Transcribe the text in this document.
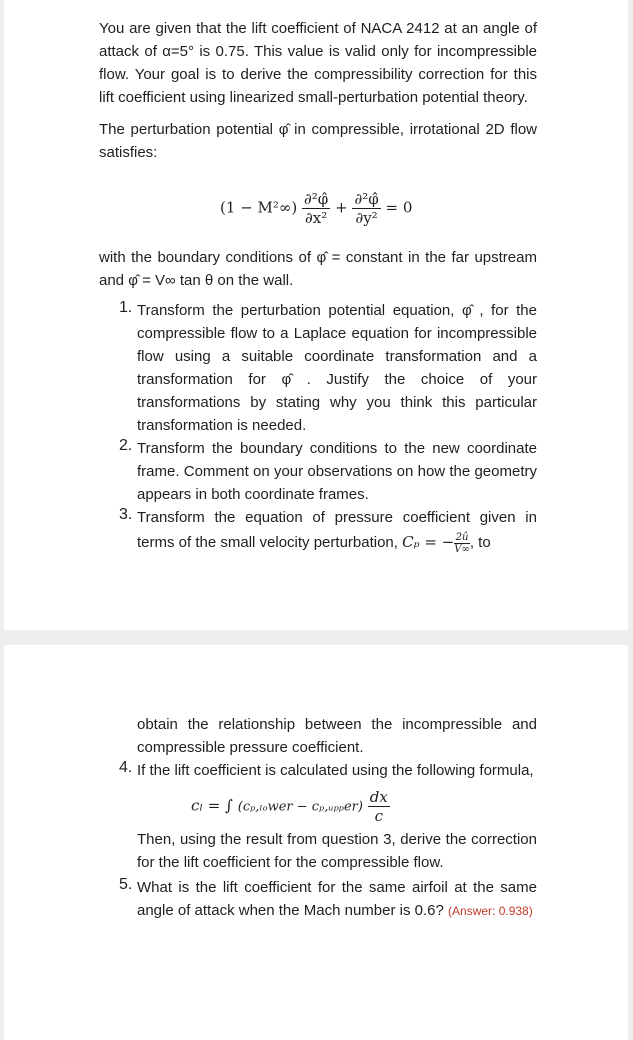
You are given that the lift coefficient of NACA 2412 at an angle of attack of α=5° is 0.75. This value is valid only for incompressible flow. Your goal is to derive the compressibility correction for this lift coefficient using linearized small-perturbation potential theory.

The perturbation potential φ̂ in compressible, irrotational 2D flow satisfies:

$(1 - M^2\infty) \frac{\text{∂²φ̂}}{\text{∂x²}} + \frac{\text{∂²φ̂}}{\text{∂y²}} = 0$

with the boundary conditions of φ̂ = constant in the far upstream and φ̂ = V∞ tan θ on the wall.

1. Transform the perturbation potential equation, φ̂ , for the compressible flow to a Laplace equation for incompressible flow using a suitable coordinate transformation and a transformation for φ̂ . Justify the choice of your transformations by stating why you think this particular transformation is needed.

2. Transform the boundary conditions to the new coordinate frame. Comment on your observations on how the geometry appears in both coordinate frames.

3. Transform the equation of pressure coefficient given in

terms of the small velocity perturbation, Cₚ = − $\frac{2û}{V\infty}$ , to

obtain the relationship between the incompressible and compressible pressure coefficient.

4. If the lift coefficient is calculated using the following formula,

cₗ = ∫ (cₚ,ₗₒwer − cₚ,ᵤₚₚer) $\frac{dx}{c}$

Then, using the result from question 3, derive the correction for the lift coefficient for the compressible flow.

5. What is the lift coefficient for the same airfoil at the same angle of attack when the Mach number is 0.6? (Answer: 0.938)
